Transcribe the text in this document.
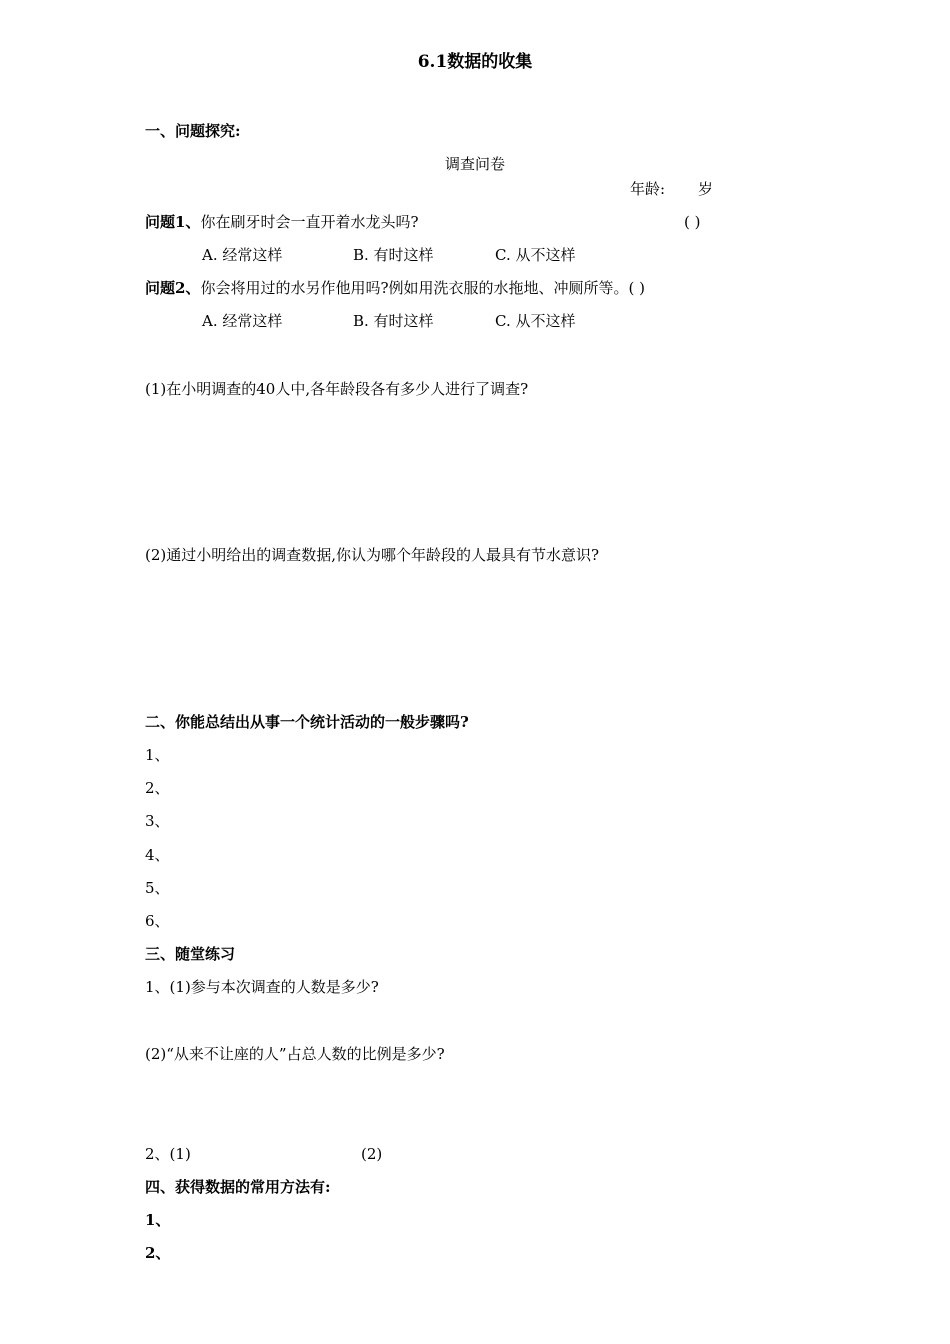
6.1数据的收集
一、问题探究:
调查问卷
年龄: 岁
问题1、你在刷牙时会一直开着水龙头吗?	( )
A. 经常这样	B. 有时这样	C. 从不这样
问题2、你会将用过的水另作他用吗?例如用洗衣服的水拖地、冲厕所等。( )
A. 经常这样	B. 有时这样	C. 从不这样
(1)在小明调查的40人中,各年龄段各有多少人进行了调查?
(2)通过小明给出的调查数据,你认为哪个年龄段的人最具有节水意识?
二、你能总结出从事一个统计活动的一般步骤吗?
1、
2、
3、
4、
5、
6、
三、随堂练习
1、(1)参与本次调查的人数是多少?
(2)“从来不让座的人”占总人数的比例是多少?
2、(1)	(2)
四、获得数据的常用方法有:
1、
2、
